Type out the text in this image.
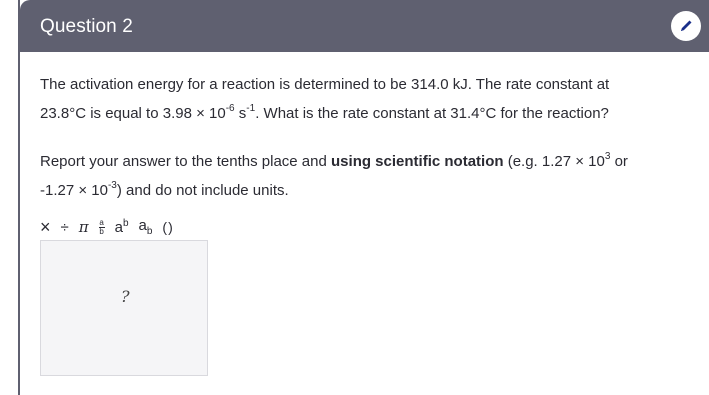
Question 2
The activation energy for a reaction is determined to be 314.0 kJ. The rate constant at
23.8°C is equal to $3.98 \times 10^{-6}$ $s^{-1}$. What is the rate constant at 31.4°C for the reaction?
Report your answer to the tenths place and using scientific notation (e.g. $1.27 \times 10^3$ or
$-1.27 \times 10^{-3}$) and do not include units.
× ÷ π $\frac{a}{b} a^b$ $a_b$ ()
?
